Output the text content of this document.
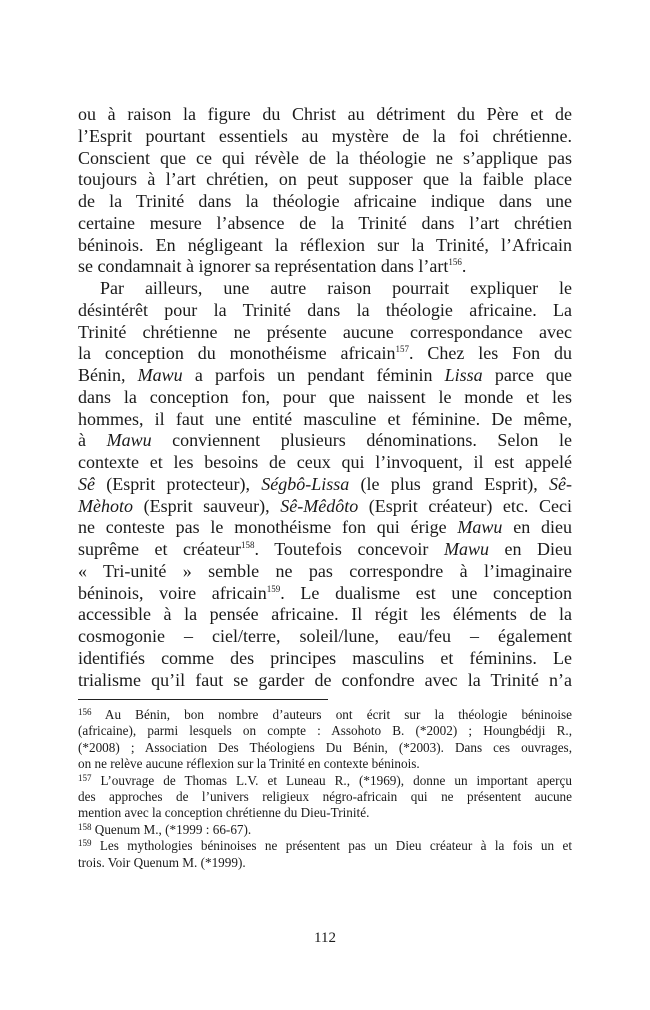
ou à raison la figure du Christ au détriment du Père et de
l’Esprit pourtant essentiels au mystère de la foi chrétienne.
Conscient que ce qui révèle de la théologie ne s’applique pas
toujours à l’art chrétien, on peut supposer que la faible place
de la Trinité dans la théologie africaine indique dans une
certaine mesure l’absence de la Trinité dans l’art chrétien
béninois. En négligeant la réflexion sur la Trinité, l’Africain
se condamnait à ignorer sa représentation dans l’art$^{156}$.
Par ailleurs, une autre raison pourrait expliquer le
désintérêt pour la Trinité dans la théologie africaine. La
Trinité chrétienne ne présente aucune correspondance avec
la conception du monothéisme africain$^{157}$. Chez les Fon du
Bénin, Mawu a parfois un pendant féminin Lissa parce que
dans la conception fon, pour que naissent le monde et les
hommes, il faut une entité masculine et féminine. De même,
à Mawu conviennent plusieurs dénominations. Selon le
contexte et les besoins de ceux qui l’invoquent, il est appelé
Sê (Esprit protecteur), Ségbô-Lissa (le plus grand Esprit), Sê-
Mèhoto (Esprit sauveur), Sê-Mêdôto (Esprit créateur) etc. Ceci
ne conteste pas le monothéisme fon qui érige Mawu en dieu
suprême et créateur$^{158}$. Toutefois concevoir Mawu en Dieu
« Tri-unité » semble ne pas correspondre à l’imaginaire
béninois, voire africain$^{159}$. Le dualisme est une conception
accessible à la pensée africaine. Il régit les éléments de la
cosmogonie – ciel/terre, soleil/lune, eau/feu – également
identifiés comme des principes masculins et féminins. Le
trialisme qu’il faut se garder de confondre avec la Trinité n’a
$^{156}$ Au Bénin, bon nombre d’auteurs ont écrit sur la théologie béninoise
(africaine), parmi lesquels on compte : Assohoto B. (*2002) ; Houngbédji R.,
(*2008) ; Association Des Théologiens Du Bénin, (*2003). Dans ces ouvrages,
on ne relève aucune réflexion sur la Trinité en contexte béninois.
$^{157}$ L’ouvrage de Thomas L.V. et Luneau R., (*1969), donne un important aperçu
des approches de l’univers religieux négro-africain qui ne présentent aucune
mention avec la conception chrétienne du Dieu-Trinité.
$^{158}$ Quenum M., (*1999 : 66-67).
$^{159}$ Les mythologies béninoises ne présentent pas un Dieu créateur à la fois un et
trois. Voir Quenum M. (*1999).
112
